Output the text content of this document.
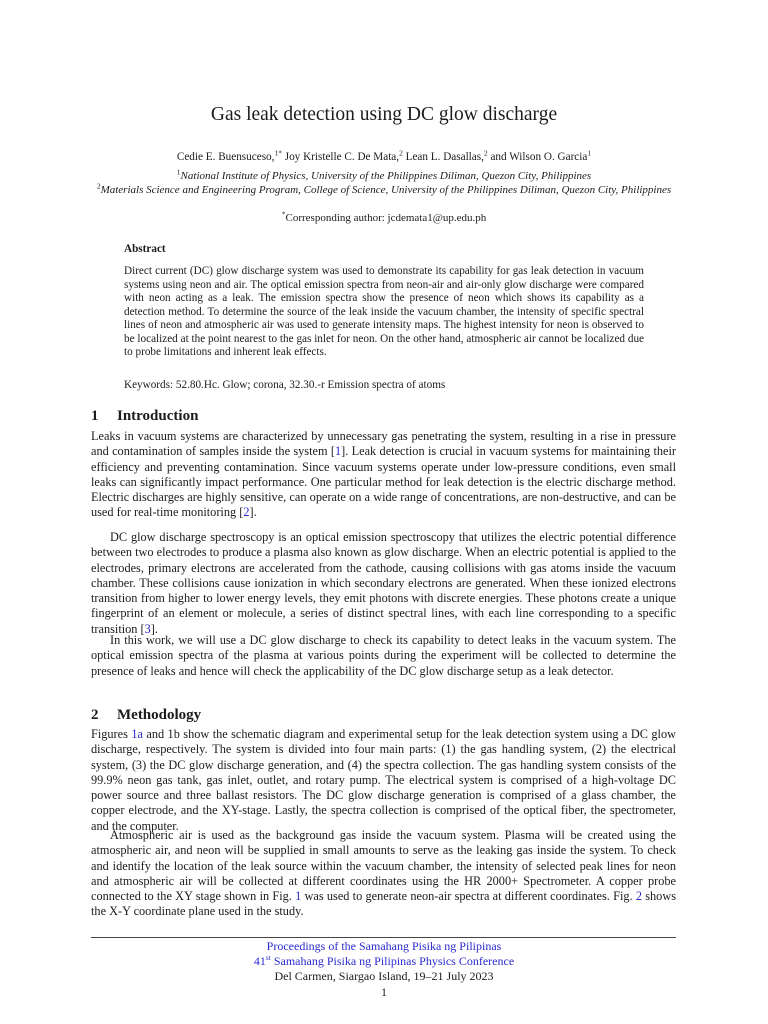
Gas leak detection using DC glow discharge
Cedie E. Buensuceso,$^{1*}$ Joy Kristelle C. De Mata,$^2$ Lean L. Dasallas,$^2$ and Wilson O. Garcia$^1$
$^1$National Institute of Physics, University of the Philippines Diliman, Quezon City, Philippines
$^2$Materials Science and Engineering Program, College of Science, University of the Philippines Diliman, Quezon City, Philippines
*Corresponding author: jcdemata1@up.edu.ph
Abstract

Direct current (DC) glow discharge system was used to demonstrate its capability for gas leak detection in vacuum systems using neon and air. The optical emission spectra from neon-air and air-only glow discharge were compared with neon acting as a leak. The emission spectra show the presence of neon which shows its capability as a detection method. To determine the source of the leak inside the vacuum chamber, the intensity of specific spectral lines of neon and atmospheric air was used to generate intensity maps. The highest intensity for neon is observed to be localized at the point nearest to the gas inlet for neon. On the other hand, atmospheric air cannot be localized due to probe limitations and inherent leak effects.

Keywords: 52.80.Hc. Glow; corona, 32.30.-r Emission spectra of atoms
1 Introduction

Leaks in vacuum systems are characterized by unnecessary gas penetrating the system, resulting in a rise in pressure and contamination of samples inside the system [1]. Leak detection is crucial in vacuum systems for maintaining their efficiency and preventing contamination. Since vacuum systems operate under low-pressure conditions, even small leaks can significantly impact performance. One particular method for leak detection is the electric discharge method. Electric discharges are highly sensitive, can operate on a wide range of concentrations, are non-destructive, and can be used for real-time monitoring [2].

DC glow discharge spectroscopy is an optical emission spectroscopy that utilizes the electric potential difference between two electrodes to produce a plasma also known as glow discharge. When an electric potential is applied to the electrodes, primary electrons are accelerated from the cathode, causing collisions with gas atoms inside the vacuum chamber. These collisions cause ionization in which secondary electrons are generated. When these ionized electrons transition from higher to lower energy levels, they emit photons with discrete energies. These photons create a unique fingerprint of an element or molecule, a series of distinct spectral lines, with each line corresponding to a specific transition [3].

In this work, we will use a DC glow discharge to check its capability to detect leaks in the vacuum system. The optical emission spectra of the plasma at various points during the experiment will be collected to determine the presence of leaks and hence will check the applicability of the DC glow discharge setup as a leak detector.

2 Methodology

Figures 1a and 1b show the schematic diagram and experimental setup for the leak detection system using a DC glow discharge, respectively. The system is divided into four main parts: (1) the gas handling system, (2) the electrical system, (3) the DC glow discharge generation, and (4) the spectra collection. The gas handling system consists of the 99.9% neon gas tank, gas inlet, outlet, and rotary pump. The electrical system is comprised of a high-voltage DC power source and three ballast resistors. The DC glow discharge generation is comprised of a glass chamber, the copper electrode, and the XY-stage. Lastly, the spectra collection is comprised of the optical fiber, the spectrometer, and the computer.

Atmospheric air is used as the background gas inside the vacuum system. Plasma will be created using the atmospheric air, and neon will be supplied in small amounts to serve as the leaking gas inside the system. To check and identify the location of the leak source within the vacuum chamber, the intensity of selected peak lines for neon and atmospheric air will be collected at different coordinates using the HR 2000+ Spectrometer. A copper probe connected to the XY stage shown in Fig. 1 was used to generate neon-air spectra at different coordinates. Fig. 2 shows the X-Y coordinate plane used in the study.

Proceedings of the Samahang Pisika ng Pilipinas
41st Samahang Pisika ng Pilipinas Physics Conference
Del Carmen, Siargao Island, 19–21 July 2023
1
